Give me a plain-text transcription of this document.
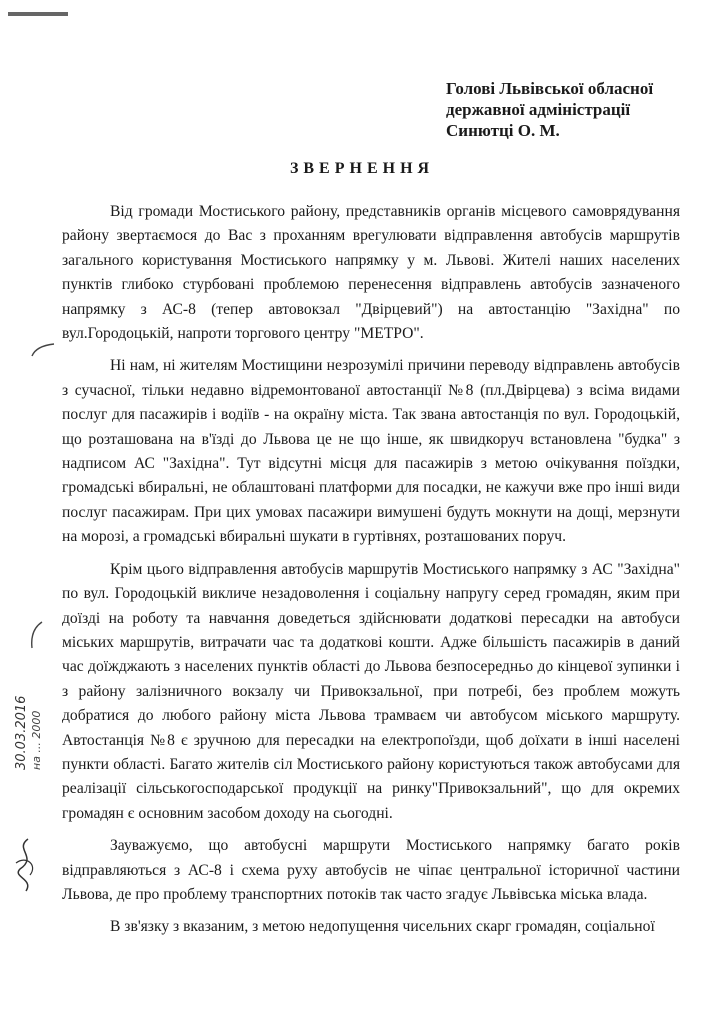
Голові Львівської обласної
державної адміністрації
Синютці О. М.
ЗВЕРНЕННЯ

Від громади Мостиського району, представників органів місцевого самоврядування району звертаємося до Вас з проханням врегулювати відправлення автобусів маршрутів загального користування Мостиського напрямку у м. Львові. Жителі наших населених пунктів глибоко стурбовані проблемою перенесення відправлень автобусів зазначеного напрямку з АС-8 (тепер автовокзал "Двірцевий") на автостанцію "Західна" по вул.Городоцькій, напроти торгового центру "МЕТРО".

Ні нам, ні жителям Мостищини незрозумілі причини переводу відправлень автобусів з сучасної, тільки недавно відремонтованої автостанції №8 (пл.Двірцева) з всіма видами послуг для пасажирів і водіїв - на окраїну міста. Так звана автостанція по вул. Городоцькій, що розташована на в'їзді до Львова це не що інше, як швидкоруч встановлена "будка" з надписом АС "Західна". Тут відсутні місця для пасажирів з метою очікування поїздки, громадські вбиральні, не облаштовані платформи для посадки, не кажучи вже про інші види послуг пасажирам. При цих умовах пасажири вимушені будуть мокнути на дощі, мерзнути на морозі, а громадські вбиральні шукати в гуртівнях, розташованих поруч.

Крім цього відправлення автобусів маршрутів Мостиського напрямку з АС "Західна" по вул. Городоцькій викличе незадоволення і соціальну напругу серед громадян, яким при доїзді на роботу та навчання доведеться здійснювати додаткові пересадки на автобуси міських маршрутів, витрачати час та додаткові кошти. Адже більшість пасажирів в даний час доїжджають з населених пунктів області до Львова безпосередньо до кінцевої зупинки і з району залізничного вокзалу чи Привокзальної, при потребі, без проблем можуть добратися до любого району міста Львова трамваєм чи автобусом міського маршруту. Автостанція №8 є зручною для пересадки на електропоїзди, щоб доїхати в інші населені пункти області. Багато жителів сіл Мостиського району користуються також автобусами для реалізації сільськогосподарської продукції на ринку"Привокзальний", що для окремих громадян є основним засобом доходу на сьогодні.

Зауважуємо, що автобусні маршрути Мостиського напрямку багато років відправляються з АС-8 і схема руху автобусів не чіпає центральної історичної частини Львова, де про проблему транспортних потоків так часто згадує Львівська міська влада.

В зв'язку з вказаним, з метою недопущення чисельних скарг громадян, соціальної

30.03.2016 на ... 2000
